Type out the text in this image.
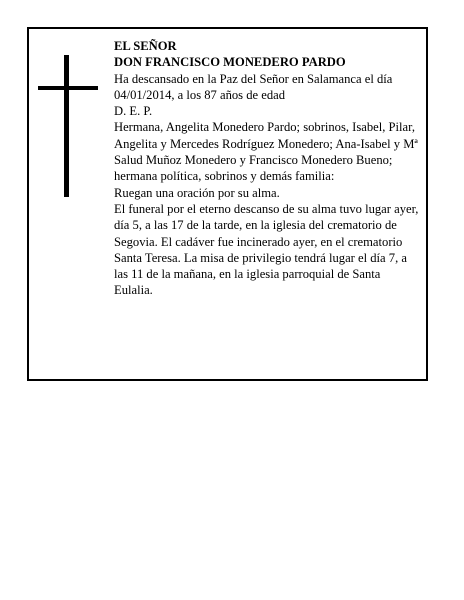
EL SEÑOR

DON FRANCISCO MONEDERO PARDO

Ha descansado en la Paz del Señor en Salamanca el día 04/01/2014, a los 87 años de edad

D. E. P.

Hermana, Angelita Monedero Pardo; sobrinos, Isabel, Pilar, Angelita y Mercedes Rodríguez Monedero; Ana-Isabel y Mª Salud Muñoz Monedero y Francisco Monedero Bueno; hermana política, sobrinos y demás familia:

Ruegan una oración por su alma.

El funeral por el eterno descanso de su alma tuvo lugar ayer, día 5, a las 17 de la tarde, en la iglesia del crematorio de Segovia. El cadáver fue incinerado ayer, en el crematorio Santa Teresa. La misa de privilegio tendrá lugar el día 7, a las 11 de la mañana, en la iglesia parroquial de Santa Eulalia.
